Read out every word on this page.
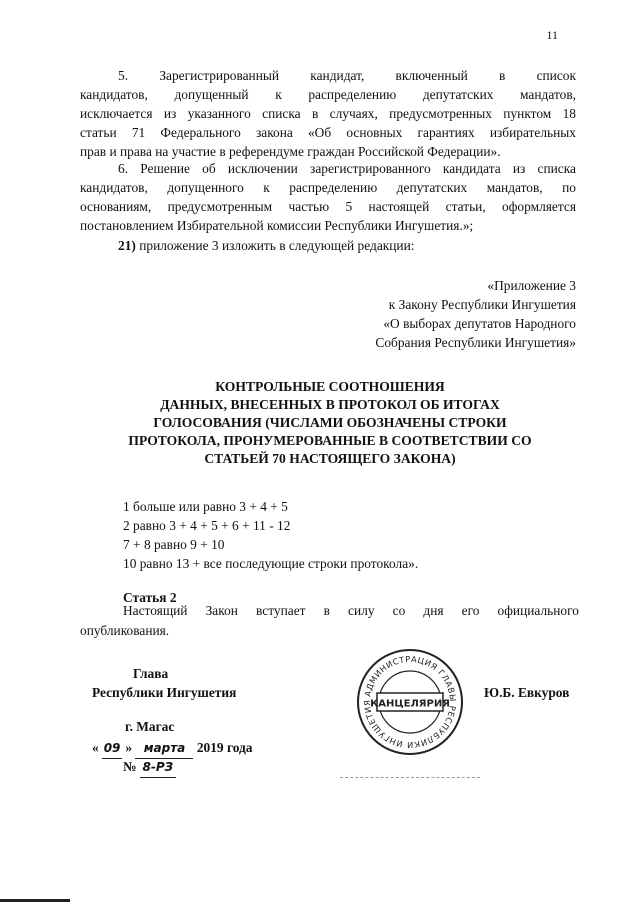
11
5. Зарегистрированный кандидат, включенный в список
кандидатов, допущенный к распределению депутатских мандатов,
исключается из указанного списка в случаях, предусмотренных пунктом 18
статьи 71 Федерального закона «Об основных гарантиях избирательных
прав и права на участие в референдуме граждан Российской Федерации».
6. Решение об исключении зарегистрированного кандидата из списка
кандидатов, допущенного к распределению депутатских мандатов, по
основаниям, предусмотренным частью 5 настоящей статьи, оформляется
постановлением Избирательной комиссии Республики Ингушетия.»;
21) приложение 3 изложить в следующей редакции:
«Приложение 3
к Закону Республики Ингушетия
«О выборах депутатов Народного
Собрания Республики Ингушетия»
КОНТРОЛЬНЫЕ СООТНОШЕНИЯ
ДАННЫХ, ВНЕСЕННЫХ В ПРОТОКОЛ ОБ ИТОГАХ
ГОЛОСОВАНИЯ (ЧИСЛАМИ ОБОЗНАЧЕНЫ СТРОКИ
ПРОТОКОЛА, ПРОНУМЕРОВАННЫЕ В СООТВЕТСТВИИ СО
СТАТЬЕЙ 70 НАСТОЯЩЕГО ЗАКОНА)
1 больше или равно 3 + 4 + 5
2 равно 3 + 4 + 5 + 6 + 11 - 12
7 + 8 равно 9 + 10
10 равно 13 + все последующие строки протокола».
Статья 2
Настоящий Закон вступает в силу со дня его официального
опубликования.
Глава
Республики Ингушетия	Ю.Б. Евкуров
АДМИНИСТРАЦИЯ ГЛАВЫ РЕСПУБЛИКИ ИНГУШЕТИЯ
КАНЦЕЛЯРИЯ
г. Магас
« 09 » марта 2019 года
№ 8-РЗ
